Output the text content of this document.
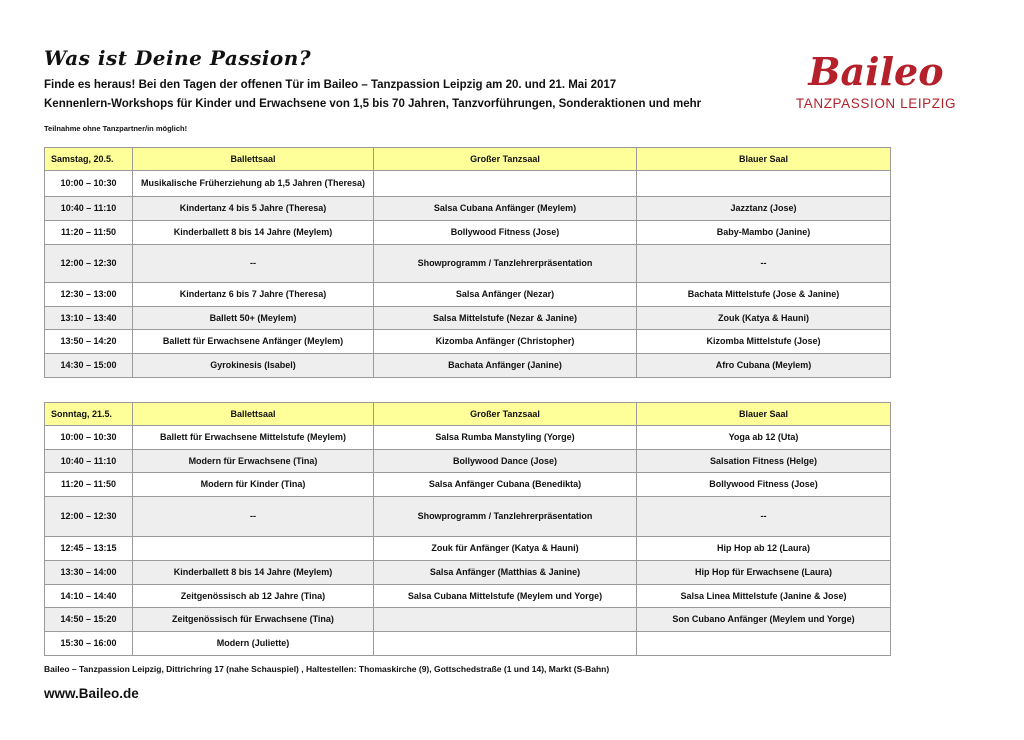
Was ist Deine Passion?

Finde es heraus! Bei den Tagen der offenen Tür im Baileo – Tanzpassion Leipzig am 20. und 21. Mai 2017

Kennenlern-Workshops für Kinder und Erwachsene von 1,5 bis 70 Jahren, Tanzvorführungen, Sonderaktionen und mehr

Teilnahme ohne Tanzpartner/in möglich!

Baileo
TANZPASSION LEIPZIG
Samstag, 20.5.	Ballettsaal	Großer Tanzsaal	Blauer Saal
10:00 – 10:30	Musikalische Früherziehung ab 1,5 Jahren (Theresa)		
10:40 – 11:10	Kindertanz 4 bis 5 Jahre (Theresa)	Salsa Cubana Anfänger (Meylem)	Jazztanz (Jose)
11:20 – 11:50	Kinderballett 8 bis 14 Jahre (Meylem)	Bollywood Fitness (Jose)	Baby-Mambo (Janine)
12:00 – 12:30	--	Showprogramm / Tanzlehrerpräsentation	--
12:30 – 13:00	Kindertanz 6 bis 7 Jahre (Theresa)	Salsa Anfänger (Nezar)	Bachata Mittelstufe (Jose & Janine)
13:10 – 13:40	Ballett 50+ (Meylem)	Salsa Mittelstufe (Nezar & Janine)	Zouk (Katya & Hauni)
13:50 – 14:20	Ballett für Erwachsene Anfänger (Meylem)	Kizomba Anfänger (Christopher)	Kizomba Mittelstufe (Jose)
14:30 – 15:00	Gyrokinesis (Isabel)	Bachata Anfänger (Janine)	Afro Cubana (Meylem)
Sonntag, 21.5.	Ballettsaal	Großer Tanzsaal	Blauer Saal
10:00 – 10:30	Ballett für Erwachsene Mittelstufe (Meylem)	Salsa Rumba Manstyling (Yorge)	Yoga ab 12 (Uta)
10:40 – 11:10	Modern für Erwachsene (Tina)	Bollywood Dance (Jose)	Salsation Fitness (Helge)
11:20 – 11:50	Modern für Kinder (Tina)	Salsa Anfänger Cubana (Benedikta)	Bollywood Fitness (Jose)
12:00 – 12:30	--	Showprogramm / Tanzlehrerpräsentation	--
12:45 – 13:15		Zouk für Anfänger (Katya & Hauni)	Hip Hop ab 12 (Laura)
13:30 – 14:00	Kinderballett 8 bis 14 Jahre (Meylem)	Salsa Anfänger (Matthias & Janine)	Hip Hop für Erwachsene (Laura)
14:10 – 14:40	Zeitgenössisch ab 12 Jahre (Tina)	Salsa Cubana Mittelstufe (Meylem und Yorge)	Salsa Linea Mittelstufe (Janine & Jose)
14:50 – 15:20	Zeitgenössisch für Erwachsene (Tina)		Son Cubano Anfänger (Meylem und Yorge)
15:30 – 16:00	Modern (Juliette)		
Baileo – Tanzpassion Leipzig, Dittrichring 17 (nahe Schauspiel) , Haltestellen: Thomaskirche (9), Gottschedstraße (1 und 14), Markt (S-Bahn)
www.Baileo.de
